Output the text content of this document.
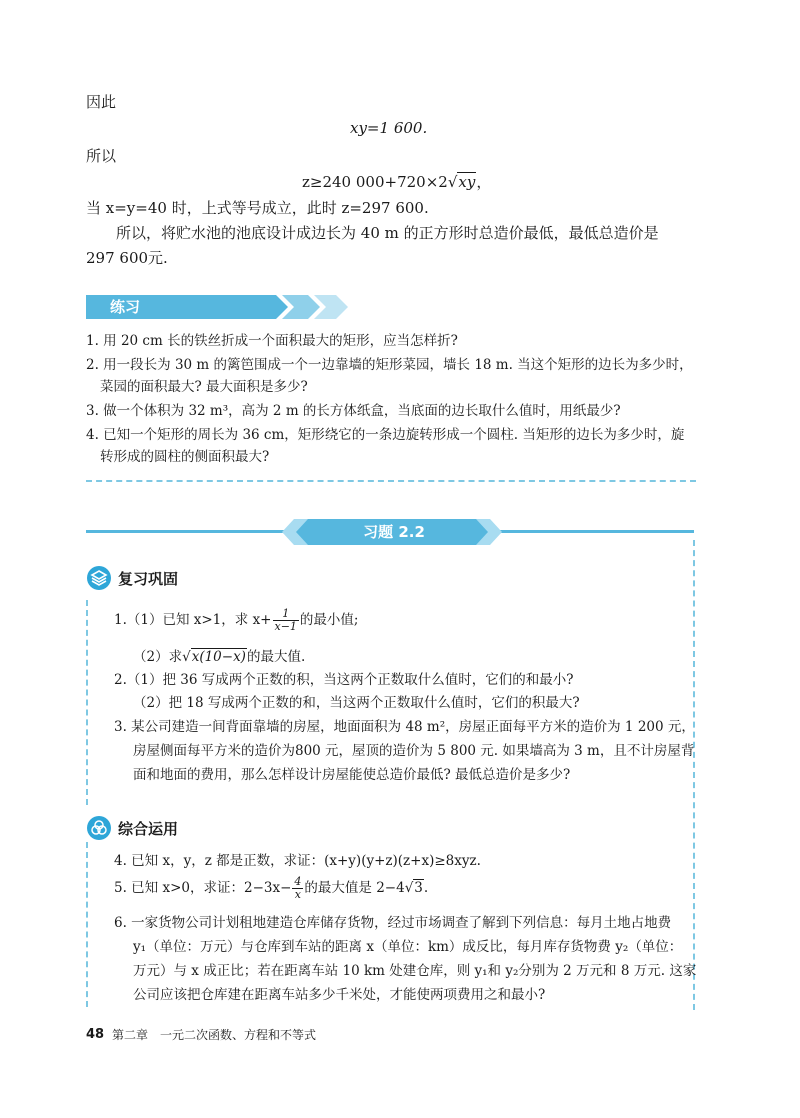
因此
xy=1 600.
所以
z≥240 000+720×2√xy，
当 x=y=40 时，上式等号成立，此时 z=297 600.
所以，将贮水池的池底设计成边长为 40 m 的正方形时总造价最低，最低总造价是
297 600元.
练习
1. 用 20 cm 长的铁丝折成一个面积最大的矩形，应当怎样折?
2. 用一段长为 30 m 的篱笆围成一个一边靠墙的矩形菜园，墙长 18 m. 当这个矩形的边长为多少时，
菜园的面积最大? 最大面积是多少?
3. 做一个体积为 32 m³，高为 2 m 的长方体纸盒，当底面的边长取什么值时，用纸最少?
4. 已知一个矩形的周长为 36 cm，矩形绕它的一条边旋转形成一个圆柱. 当矩形的边长为多少时，旋
转形成的圆柱的侧面积最大?
习题 2.2
复习巩固
1.（1）已知 x>1，求 $x+ \frac{1}{x-1}$ 的最小值;
（2）求√x(10−x)的最大值.
2.（1）把 36 写成两个正数的积，当这两个正数取什么值时，它们的和最小?
（2）把 18 写成两个正数的和，当这两个正数取什么值时，它们的积最大?
3. 某公司建造一间背面靠墙的房屋，地面面积为 48 m²，房屋正面每平方米的造价为 1 200 元，
房屋侧面每平方米的造价为800 元，屋顶的造价为 5 800 元. 如果墙高为 3 m，且不计房屋背
面和地面的费用，那么怎样设计房屋能使总造价最低? 最低总造价是多少?
综合运用
4. 已知 x，y，z 都是正数，求证：(x+y)(y+z)(z+x)≥8xyz.
5. 已知 x>0，求证：$2-3x- \frac{4}{x}$ 的最大值是 2−4√3.
6. 一家货物公司计划租地建造仓库储存货物，经过市场调查了解到下列信息：每月土地占地费
y₁（单位：万元）与仓库到车站的距离 x（单位：km）成反比，每月库存货物费 y₂（单位：
万元）与 x 成正比；若在距离车站 10 km 处建仓库，则 y₁和 y₂分别为 2 万元和 8 万元. 这家
公司应该把仓库建在距离车站多少千米处，才能使两项费用之和最小?
48 第二章　一元二次函数、方程和不等式
